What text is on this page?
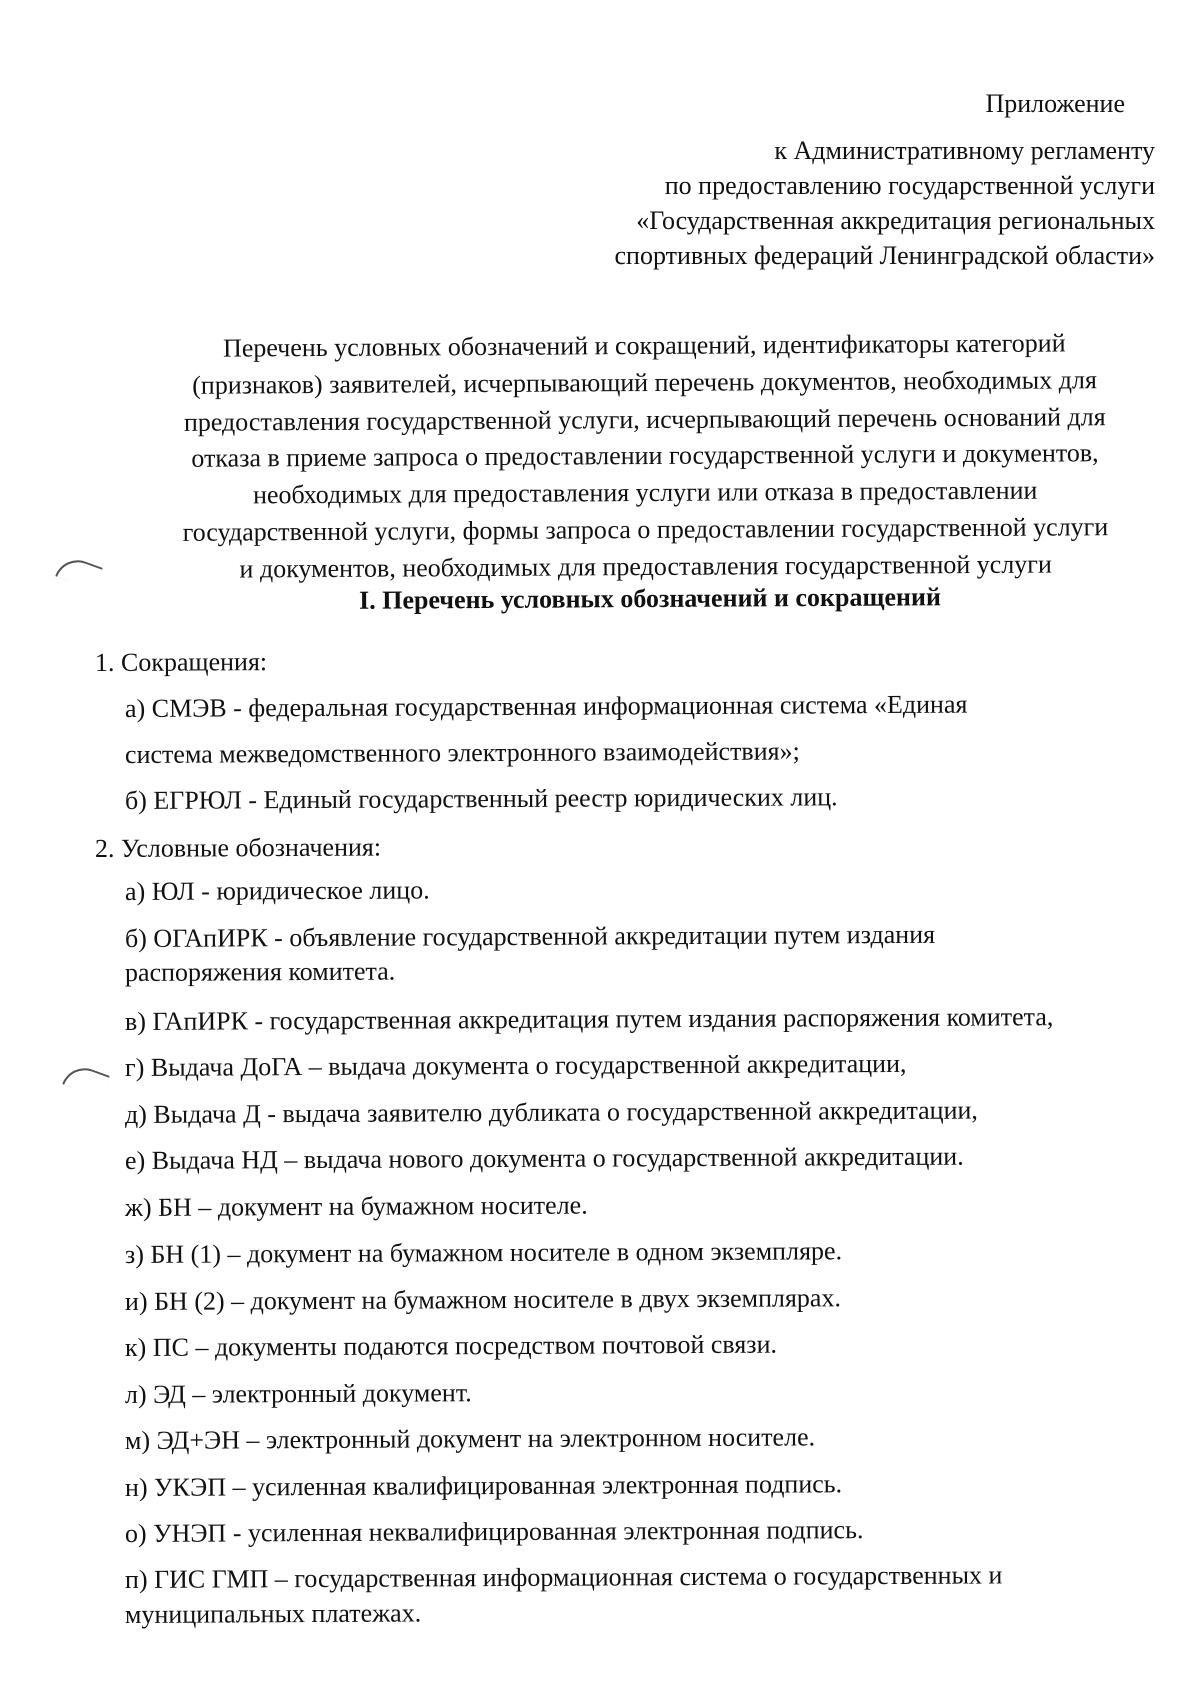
Приложение
к Административному регламенту
по предоставлению государственной услуги
«Государственная аккредитация региональных
спортивных федераций Ленинградской области»
Перечень условных обозначений и сокращений, идентификаторы категорий
(признаков) заявителей, исчерпывающий перечень документов, необходимых для
предоставления государственной услуги, исчерпывающий перечень оснований для
отказа в приеме запроса о предоставлении государственной услуги и документов,
необходимых для предоставления услуги или отказа в предоставлении
государственной услуги, формы запроса о предоставлении государственной услуги
и документов, необходимых для предоставления государственной услуги
I. Перечень условных обозначений и сокращений
1. Сокращения:
а) СМЭВ - федеральная государственная информационная система «Единая
система межведомственного электронного взаимодействия»;
б) ЕГРЮЛ - Единый государственный реестр юридических лиц.
2. Условные обозначения:
а) ЮЛ - юридическое лицо.
б) ОГАпИРК - объявление государственной аккредитации путем издания
распоряжения комитета.
в) ГАпИРК - государственная аккредитация путем издания распоряжения комитета,
г) Выдача ДоГА – выдача документа о государственной аккредитации,
д) Выдача Д - выдача заявителю дубликата о государственной аккредитации,
е) Выдача НД – выдача нового документа о государственной аккредитации.
ж) БН – документ на бумажном носителе.
з) БН (1) – документ на бумажном носителе в одном экземпляре.
и) БН (2) – документ на бумажном носителе в двух экземплярах.
к) ПС – документы подаются посредством почтовой связи.
л) ЭД – электронный документ.
м) ЭД+ЭН – электронный документ на электронном носителе.
н) УКЭП – усиленная квалифицированная электронная подпись.
о) УНЭП - усиленная неквалифицированная электронная подпись.
п) ГИС ГМП – государственная информационная система о государственных и
муниципальных платежах.
